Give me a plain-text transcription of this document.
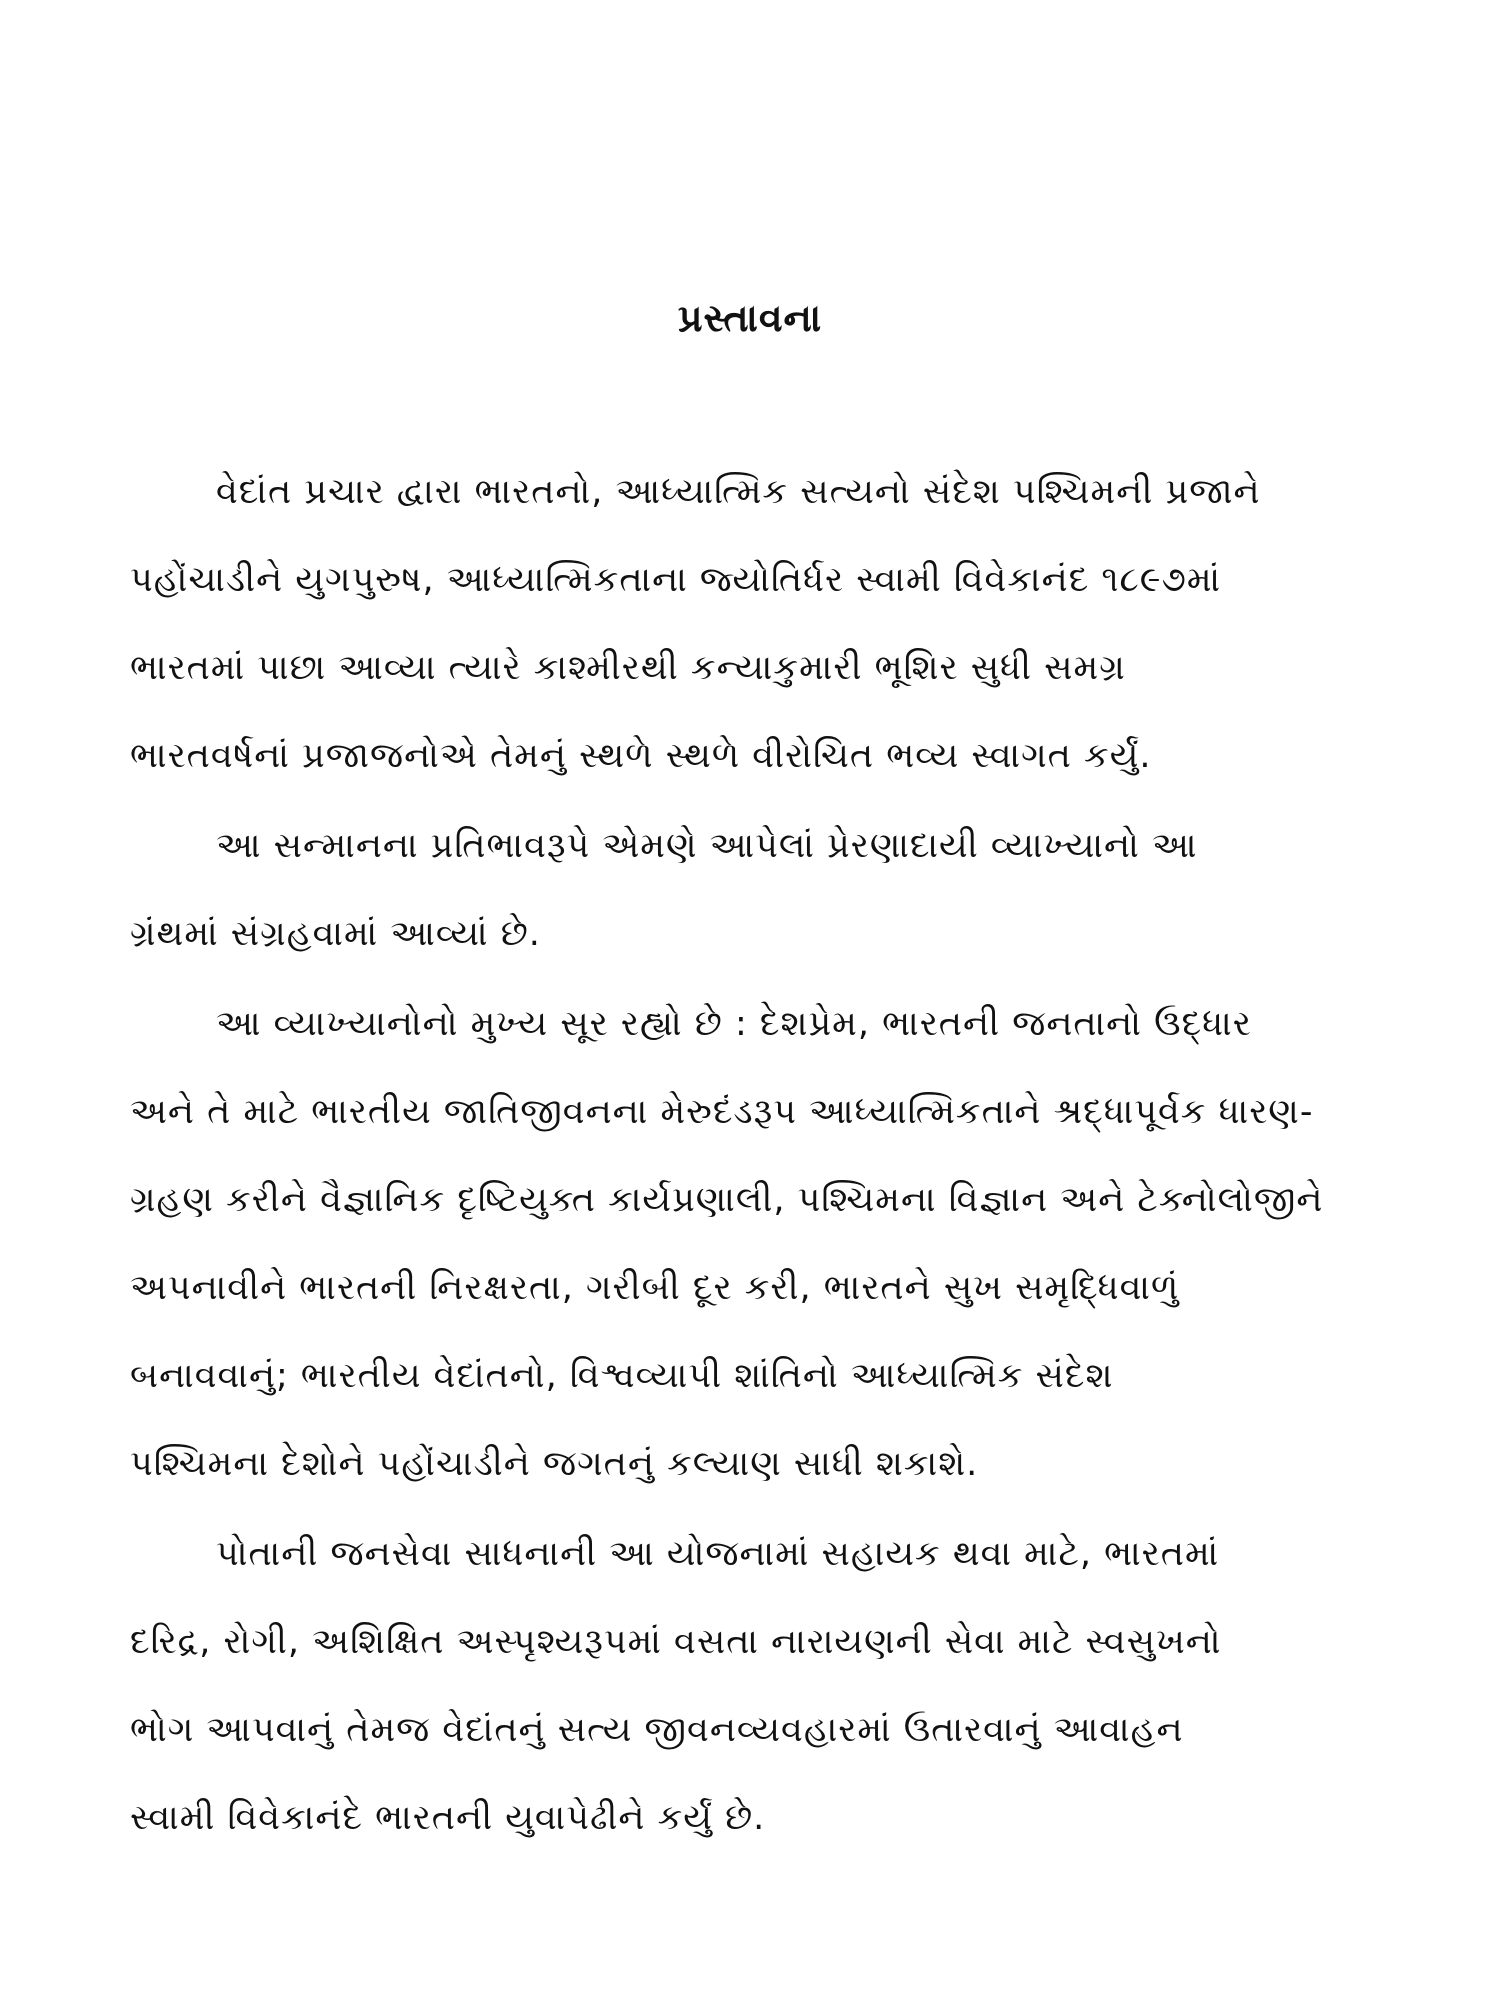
પ્રસ્તાવના

વેદાંત પ્રચાર દ્વારા ભારતનો, આધ્યાત્મિક સત્યનો સંદેશ પશ્ચિમની પ્રજાને
પહોંચાડીને યુગપુરુષ, આધ્યાત્મિકતાના જ્યોતિર્ધર સ્વામી વિવેકાનંદ ૧૮૯૭માં
ભારતમાં પાછા આવ્યા ત્યારે કાશ્મીરથી કન્યાકુમારી ભૂશિર સુધી સમગ્ર
ભારતવર્ષનાં પ્રજાજનોએ તેમનું સ્થળે સ્થળે વીરોચિત ભવ્ય સ્વાગત કર્યું.

આ સન્માનના પ્રતિભાવરૂપે એમણે આપેલાં પ્રેરણાદાયી વ્યાખ્યાનો આ
ગ્રંથમાં સંગ્રહવામાં આવ્યાં છે.

આ વ્યાખ્યાનોનો મુખ્ય સૂર રહ્યો છે : દેશપ્રેમ, ભારતની જનતાનો ઉદ્ધાર
અને તે માટે ભારતીય જાતિજીવનના મેરુદંડરૂપ આધ્યાત્મિકતાને શ્રદ્ધાપૂર્વક ધારણ-
ગ્રહણ કરીને વૈજ્ઞાનિક દૃષ્ટિયુક્ત કાર્યપ્રણાલી, પશ્ચિમના વિજ્ઞાન અને ટેક્નોલોજીને
અપનાવીને ભારતની નિરક્ષરતા, ગરીબી દૂર કરી, ભારતને સુખ સમૃદ્ધિવાળું
બનાવવાનું; ભારતીય વેદાંતનો, વિશ્વવ્યાપી શાંતિનો આધ્યાત્મિક સંદેશ
પશ્ચિમના દેશોને પહોંચાડીને જગતનું કલ્યાણ સાધી શકાશે.

પોતાની જનસેવા સાધનાની આ યોજનામાં સહાયક થવા માટે, ભારતમાં
દરિદ્ર, રોગી, અશિક્ષિત અસ્પૃશ્યરૂપમાં વસતા નારાયણની સેવા માટે સ્વસુખનો
ભોગ આપવાનું તેમજ વેદાંતનું સત્ય જીવનવ્યવહારમાં ઉતારવાનું આવાહન
સ્વામી વિવેકાનંદે ભારતની યુવાપેઢીને કર્યું છે.
